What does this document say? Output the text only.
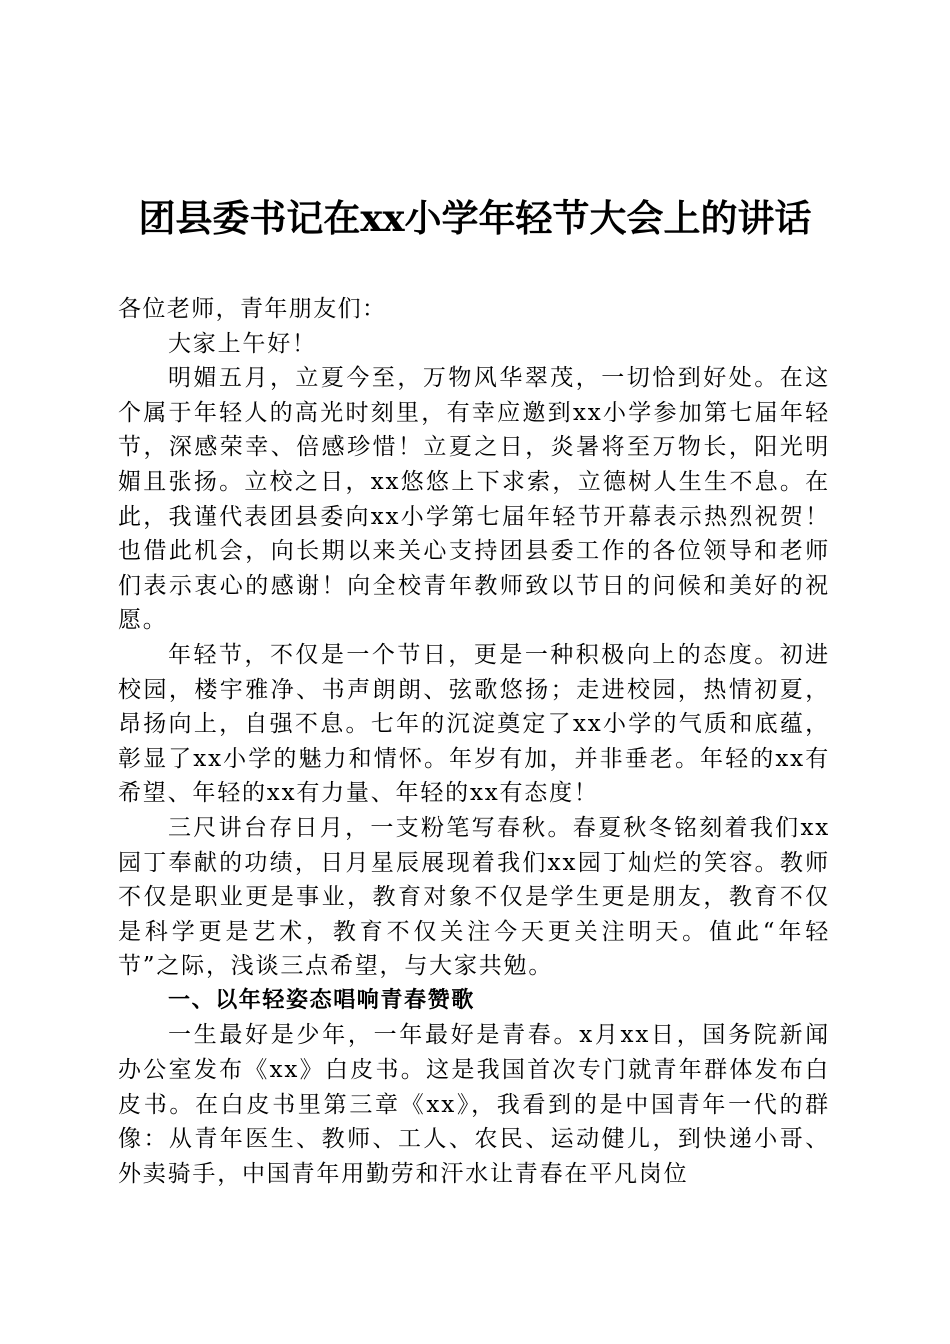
团县委书记在xx小学年轻节大会上的讲话

各位老师，青年朋友们：

大家上午好！

明媚五月，立夏今至，万物风华翠茂，一切恰到好处。在这个属于年轻人的高光时刻里，有幸应邀到xx小学参加第七届年轻节，深感荣幸、倍感珍惜！立夏之日，炎暑将至万物长，阳光明媚且张扬。立校之日，xx悠悠上下求索，立德树人生生不息。在此，我谨代表团县委向xx小学第七届年轻节开幕表示热烈祝贺！也借此机会，向长期以来关心支持团县委工作的各位领导和老师们表示衷心的感谢！向全校青年教师致以节日的问候和美好的祝愿。

年轻节，不仅是一个节日，更是一种积极向上的态度。初进校园，楼宇雅净、书声朗朗、弦歌悠扬；走进校园，热情初夏，昂扬向上，自强不息。七年的沉淀奠定了xx小学的气质和底蕴，彰显了xx小学的魅力和情怀。年岁有加，并非垂老。年轻的xx有希望、年轻的xx有力量、年轻的xx有态度！

三尺讲台存日月，一支粉笔写春秋。春夏秋冬铭刻着我们xx园丁奉献的功绩，日月星辰展现着我们xx园丁灿烂的笑容。教师不仅是职业更是事业，教育对象不仅是学生更是朋友，教育不仅是科学更是艺术，教育不仅关注今天更关注明天。值此“年轻节”之际，浅谈三点希望，与大家共勉。

一、以年轻姿态唱响青春赞歌

一生最好是少年，一年最好是青春。x月xx日，国务院新闻办公室发布《xx》白皮书。这是我国首次专门就青年群体发布白皮书。在白皮书里第三章《xx》，我看到的是中国青年一代的群像：从青年医生、教师、工人、农民、运动健儿，到快递小哥、外卖骑手，中国青年用勤劳和汗水让青春在平凡岗位
